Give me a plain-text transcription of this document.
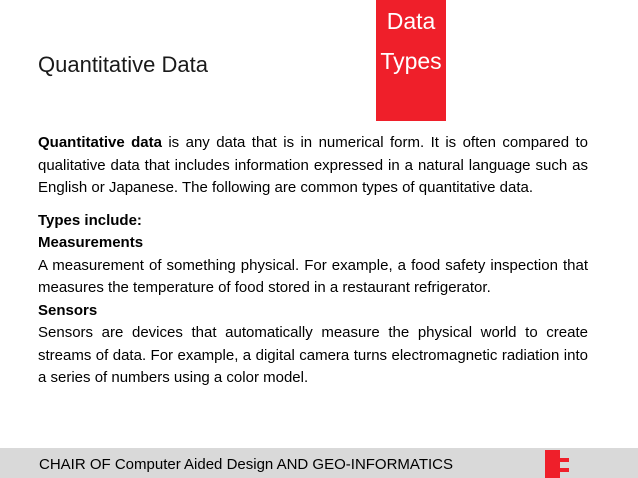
Quantitative Data
Data
Types

Quantitative data is any data that is in numerical form. It is often compared to qualitative data that includes information expressed in a natural language such as English or Japanese. The following are common types of quantitative data.

Types include:

Measurements

A measurement of something physical. For example, a food safety inspection that measures the temperature of food stored in a restaurant refrigerator.

Sensors

Sensors are devices that automatically measure the physical world to create streams of data. For example, a digital camera turns electromagnetic radiation into a series of numbers using a color model.

CHAIR OF Computer Aided Design AND GEO-INFORMATICS
